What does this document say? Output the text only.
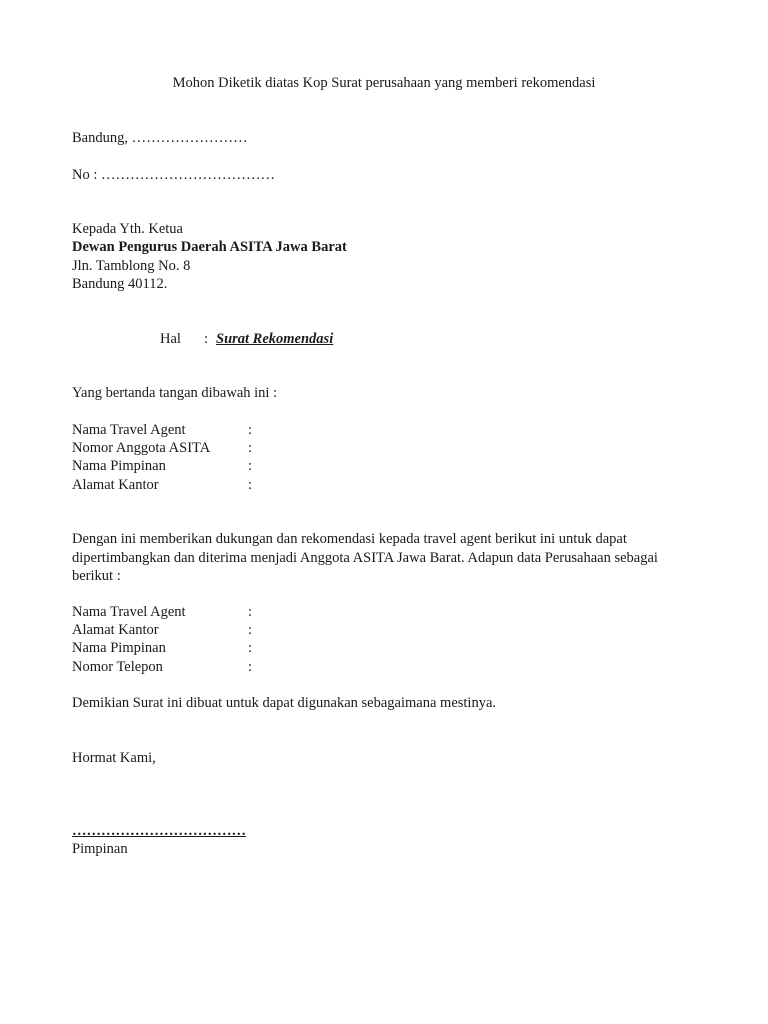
Mohon Diketik diatas Kop Surat perusahaan yang memberi rekomendasi
Bandung, ……………………
No : ………………………………
Kepada Yth. Ketua
Dewan Pengurus Daerah ASITA Jawa Barat
Jln. Tamblong No. 8
Bandung 40112.
Hal : Surat Rekomendasi
Yang bertanda tangan dibawah ini :
Nama Travel Agent	:
Nomor Anggota ASITA	:
Nama Pimpinan	:
Alamat Kantor	:
Dengan ini memberikan dukungan dan rekomendasi kepada travel agent berikut ini untuk dapat dipertimbangkan dan diterima menjadi Anggota ASITA Jawa Barat. Adapun data Perusahaan sebagai berikut :
Nama Travel Agent	:
Alamat Kantor	:
Nama Pimpinan	:
Nomor Telepon	:
Demikian Surat ini dibuat untuk dapat digunakan sebagaimana mestinya.
Hormat Kami,
………………………………
Pimpinan
